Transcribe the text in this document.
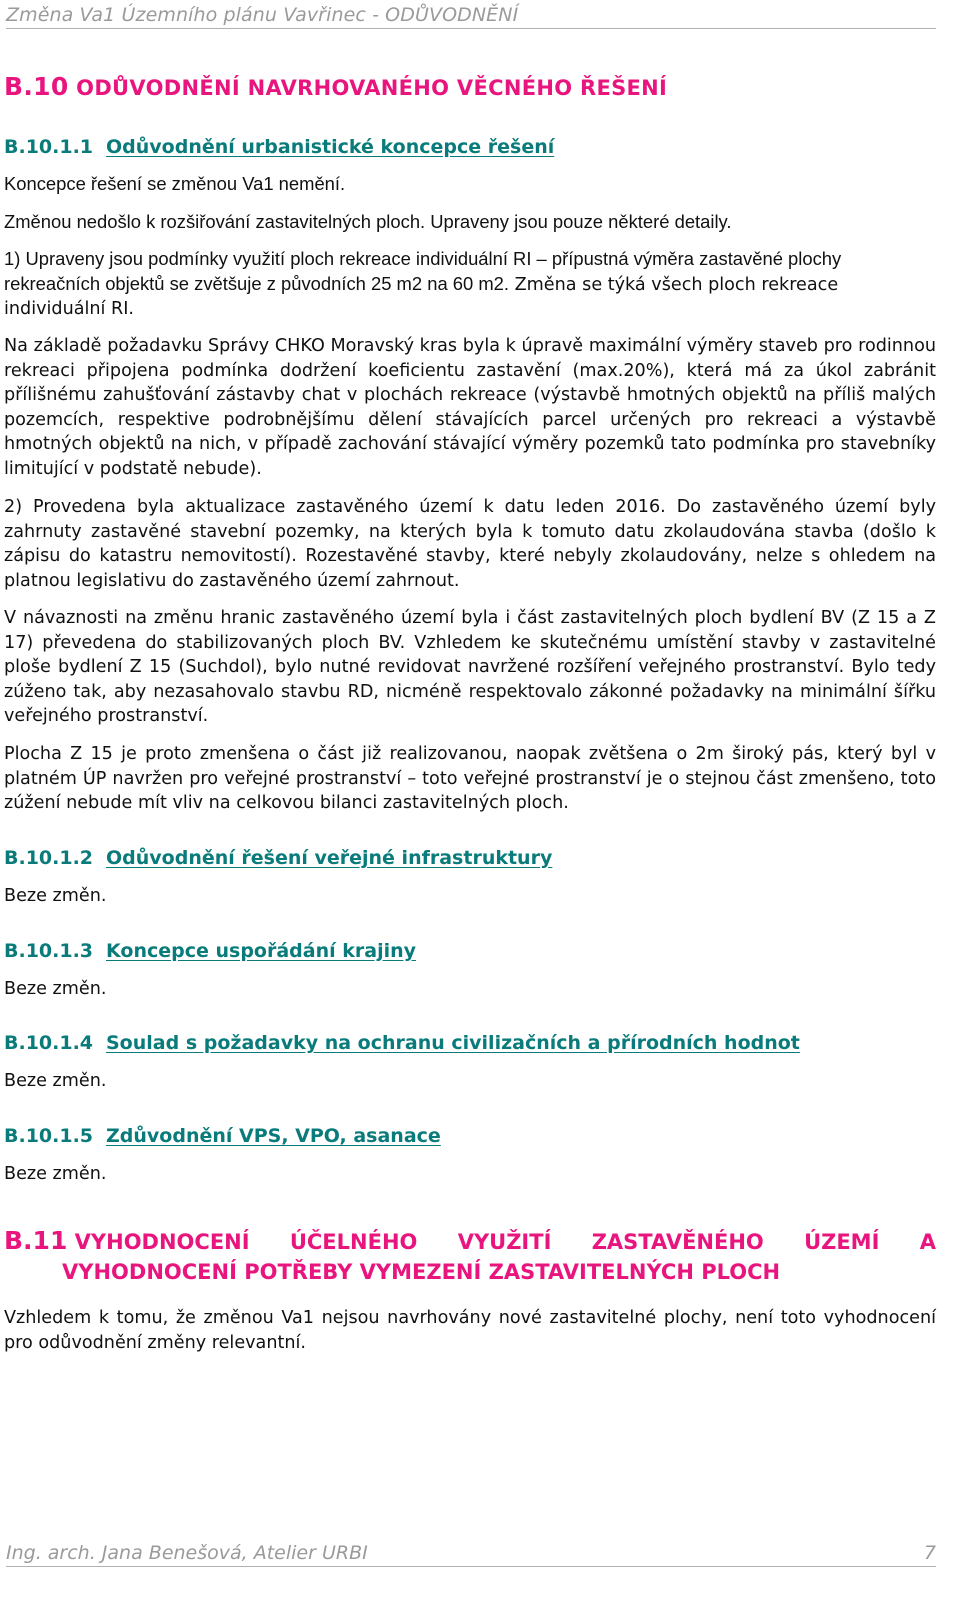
Změna Va1 Územního plánu Vavřinec - ODŮVODNĚNÍ
B.10 ODŮVODNĚNÍ NAVRHOVANÉHO VĚCNÉHO ŘEŠENÍ
B.10.1.1 Odůvodnění urbanistické koncepce řešení
Koncepce řešení se změnou Va1 nemění.
Změnou nedošlo k rozšiřování zastavitelných ploch. Upraveny jsou pouze některé detaily.
1) Upraveny jsou podmínky využití ploch rekreace individuální RI – přípustná výměra zastavěné plochy
rekreačních objektů se zvětšuje z původních 25 m2 na 60 m2. Změna se týká všech ploch rekreace
individuální RI.
Na základě požadavku Správy CHKO Moravský kras byla k úpravě maximální výměry staveb pro rodinnou rekreaci připojena podmínka dodržení koeficientu zastavění (max.20%), která má za úkol zabránit přílišnému zahušťování zástavby chat v plochách rekreace (výstavbě hmotných objektů na příliš malých pozemcích, respektive podrobnějšímu dělení stávajících parcel určených pro rekreaci a výstavbě hmotných objektů na nich, v případě zachování stávající výměry pozemků tato podmínka pro stavebníky limitující v podstatě nebude).
2) Provedena byla aktualizace zastavěného území k datu leden 2016. Do zastavěného území byly zahrnuty zastavěné stavební pozemky, na kterých byla k tomuto datu zkolaudována stavba (došlo k zápisu do katastru nemovitostí). Rozestavěné stavby, které nebyly zkolaudovány, nelze s ohledem na platnou legislativu do zastavěného území zahrnout.
V návaznosti na změnu hranic zastavěného území byla i část zastavitelných ploch bydlení BV (Z 15 a Z 17) převedena do stabilizovaných ploch BV. Vzhledem ke skutečnému umístění stavby v zastavitelné ploše bydlení Z 15 (Suchdol), bylo nutné revidovat navržené rozšíření veřejného prostranství. Bylo tedy zúženo tak, aby nezasahovalo stavbu RD, nicméně respektovalo zákonné požadavky na minimální šířku veřejného prostranství.
Plocha Z 15 je proto zmenšena o část již realizovanou, naopak zvětšena o 2m široký pás, který byl v platném ÚP navržen pro veřejné prostranství – toto veřejné prostranství je o stejnou část zmenšeno, toto zúžení nebude mít vliv na celkovou bilanci zastavitelných ploch.
B.10.1.2 Odůvodnění řešení veřejné infrastruktury
Beze změn.
B.10.1.3 Koncepce uspořádání krajiny
Beze změn.
B.10.1.4 Soulad s požadavky na ochranu civilizačních a přírodních hodnot
Beze změn.
B.10.1.5 Zdůvodnění VPS, VPO, asanace
Beze změn.
B.11 VYHODNOCENÍ ÚČELNÉHO VYUŽITÍ ZASTAVĚNÉHO ÚZEMÍ A
VYHODNOCENÍ POTŘEBY VYMEZENÍ ZASTAVITELNÝCH PLOCH
Vzhledem k tomu, že změnou Va1 nejsou navrhovány nové zastavitelné plochy, není toto vyhodnocení pro odůvodnění změny relevantní.
Ing. arch. Jana Benešová, Atelier URBI	7
